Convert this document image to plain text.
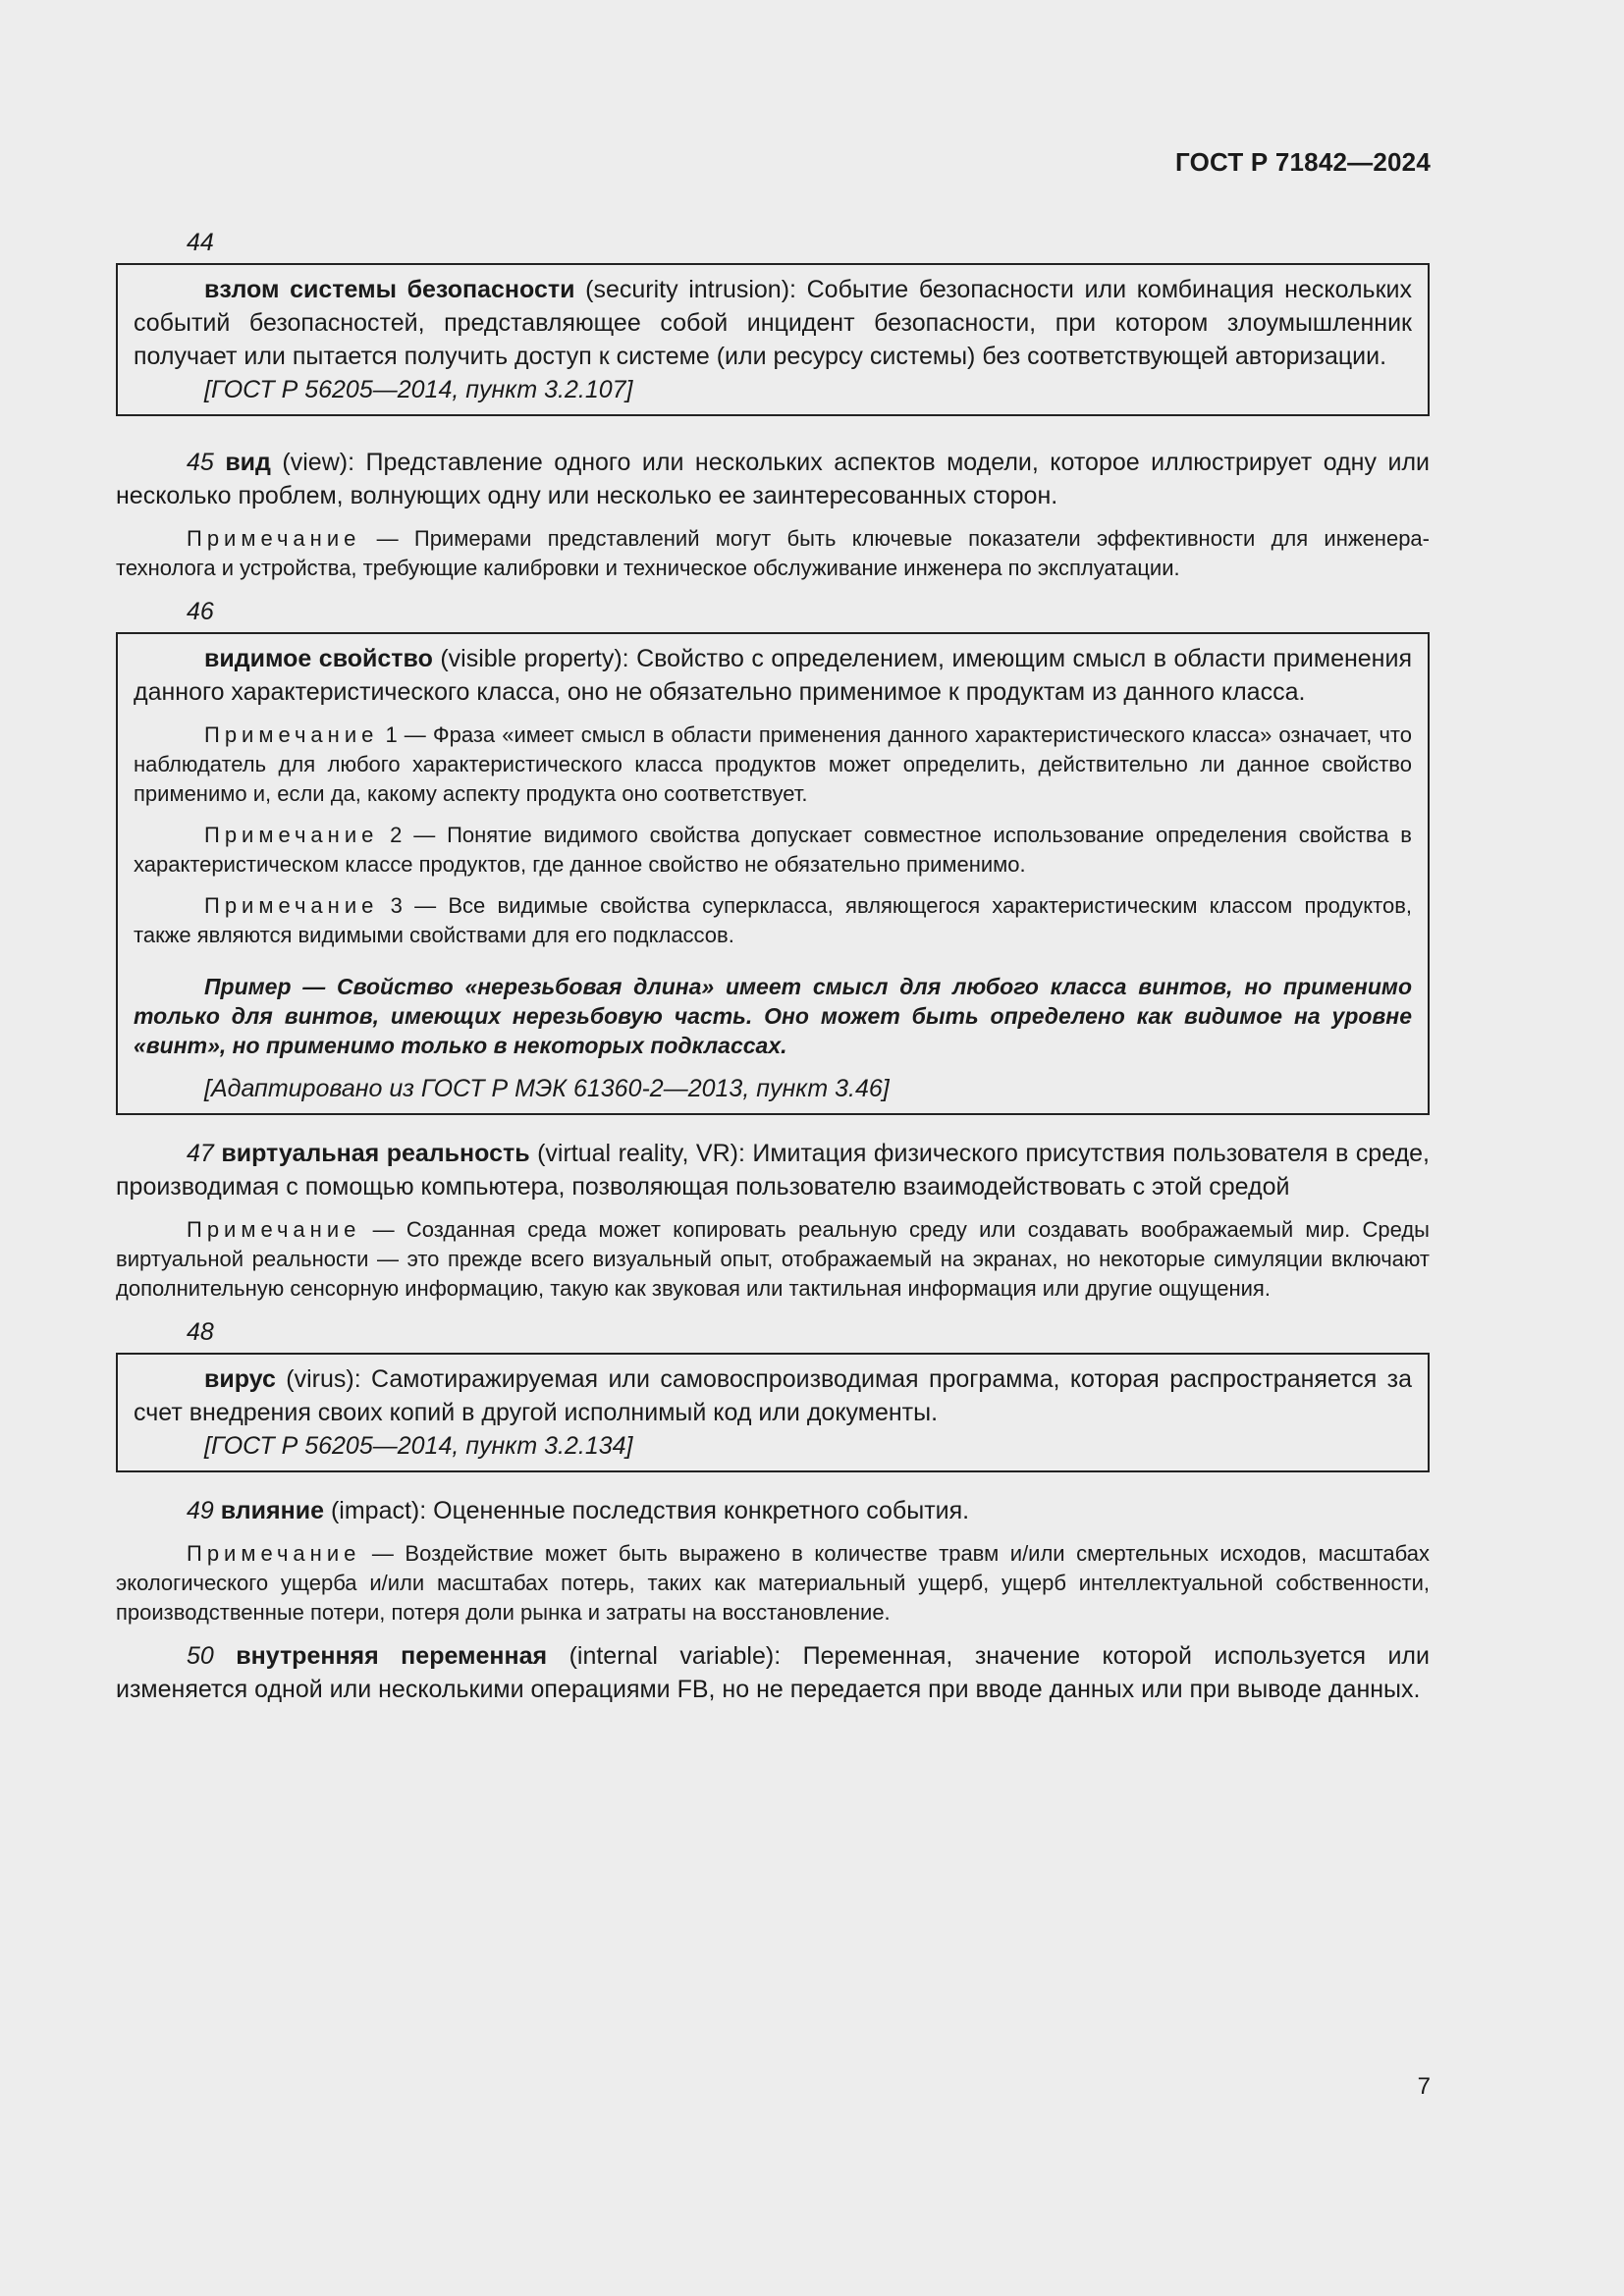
ГОСТ Р 71842—2024

44

взлом системы безопасности (security intrusion): Событие безопасности или комбинация нескольких событий безопасностей, представляющее собой инцидент безопасности, при котором злоумышленник получает или пытается получить доступ к системе (или ресурсу системы) без соответствующей авторизации.

[ГОСТ Р 56205—2014, пункт 3.2.107]

45 вид (view): Представление одного или нескольких аспектов модели, которое иллюстрирует одну или несколько проблем, волнующих одну или несколько ее заинтересованных сторон.

Примечание — Примерами представлений могут быть ключевые показатели эффективности для инженера-технолога и устройства, требующие калибровки и техническое обслуживание инженера по эксплуатации.

46

видимое свойство (visible property): Свойство с определением, имеющим смысл в области применения данного характеристического класса, оно не обязательно применимое к продуктам из данного класса.

Примечание 1 — Фраза «имеет смысл в области применения данного характеристического класса» означает, что наблюдатель для любого характеристического класса продуктов может определить, действительно ли данное свойство применимо и, если да, какому аспекту продукта оно соответствует.

Примечание 2 — Понятие видимого свойства допускает совместное использование определения свойства в характеристическом классе продуктов, где данное свойство не обязательно применимо.

Примечание 3 — Все видимые свойства суперкласса, являющегося характеристическим классом продуктов, также являются видимыми свойствами для его подклассов.

Пример — Свойство «нерезьбовая длина» имеет смысл для любого класса винтов, но применимо только для винтов, имеющих нерезьбовую часть. Оно может быть определено как видимое на уровне «винт», но применимо только в некоторых подклассах.

[Адаптировано из ГОСТ Р МЭК 61360-2—2013, пункт 3.46]

47 виртуальная реальность (virtual reality, VR): Имитация физического присутствия пользователя в среде, производимая с помощью компьютера, позволяющая пользователю взаимодействовать с этой средой

Примечание — Созданная среда может копировать реальную среду или создавать воображаемый мир. Среды виртуальной реальности — это прежде всего визуальный опыт, отображаемый на экранах, но некоторые симуляции включают дополнительную сенсорную информацию, такую как звуковая или тактильная информация или другие ощущения.

48

вирус (virus): Самотиражируемая или самовоспроизводимая программа, которая распространяется за счет внедрения своих копий в другой исполнимый код или документы.

[ГОСТ Р 56205—2014, пункт 3.2.134]

49 влияние (impact): Оцененные последствия конкретного события.

Примечание — Воздействие может быть выражено в количестве травм и/или смертельных исходов, масштабах экологического ущерба и/или масштабах потерь, таких как материальный ущерб, ущерб интеллектуальной собственности, производственные потери, потеря доли рынка и затраты на восстановление.

50 внутренняя переменная (internal variable): Переменная, значение которой используется или изменяется одной или несколькими операциями FB, но не передается при вводе данных или при выводе данных.

7
